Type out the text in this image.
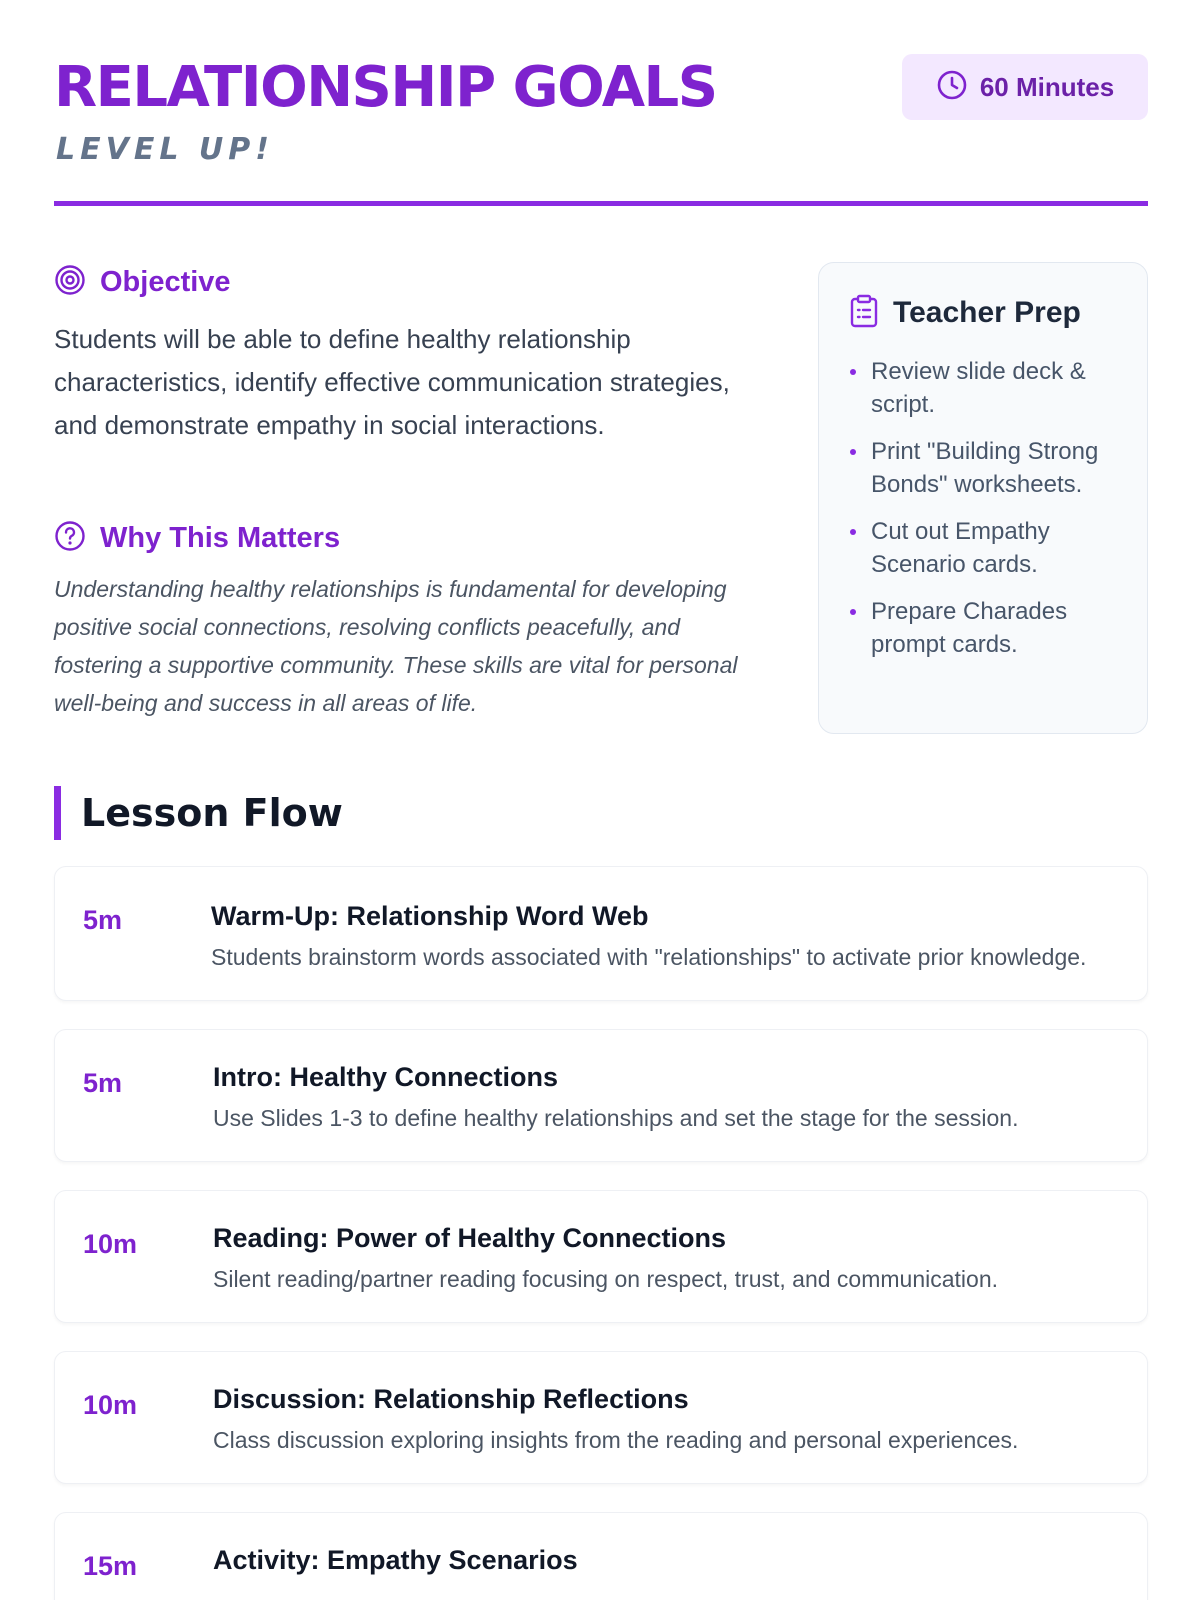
RELATIONSHIP GOALS
LEVEL UP!
60 Minutes
Objective

Students will be able to define healthy relationship characteristics, identify effective communication strategies, and demonstrate empathy in social interactions.

Why This Matters

Understanding healthy relationships is fundamental for developing positive social connections, resolving conflicts peacefully, and fostering a supportive community. These skills are vital for personal well-being and success in all areas of life.

Teacher Prep
Review slide deck & script.
Print "Building Strong Bonds" worksheets.
Cut out Empathy Scenario cards.
Prepare Charades prompt cards.
Lesson Flow
5m	Warm-Up: Relationship Word Web
Students brainstorm words associated with "relationships" to activate prior knowledge.
5m	Intro: Healthy Connections
Use Slides 1-3 to define healthy relationships and set the stage for the session.
10m	Reading: Power of Healthy Connections
Silent reading/partner reading focusing on respect, trust, and communication.
10m	Discussion: Relationship Reflections
Class discussion exploring insights from the reading and personal experiences.
15m	Activity: Empathy Scenarios
